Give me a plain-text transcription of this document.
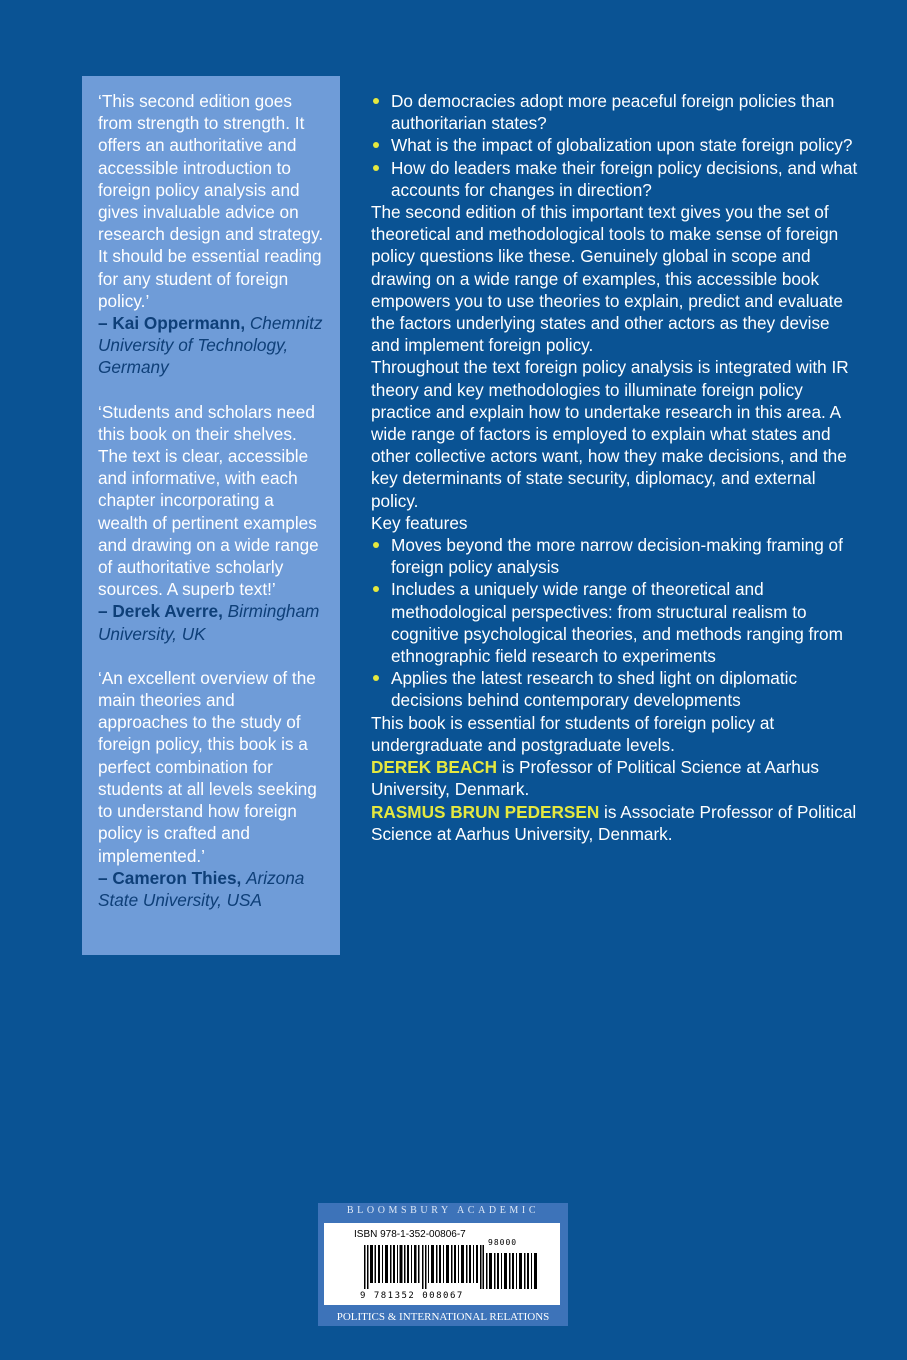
‘This second edition goes from strength to strength. It offers an authoritative and accessible introduction to foreign policy analysis and gives invaluable advice on research design and strategy. It should be essential reading for any student of foreign policy.’

– Kai Oppermann, Chemnitz University of Technology, Germany

‘Students and scholars need this book on their shelves. The text is clear, accessible and informative, with each chapter incorporating a wealth of pertinent examples and drawing on a wide range of authoritative scholarly sources. A superb text!’

– Derek Averre, Birmingham University, UK

‘An excellent overview of the main theories and approaches to the study of foreign policy, this book is a perfect combination for students at all levels seeking to understand how foreign policy is crafted and implemented.’

– Cameron Thies, Arizona State University, USA

Do democracies adopt more peaceful foreign policies than authoritarian states?
What is the impact of globalization upon state foreign policy?
How do leaders make their foreign policy decisions, and what accounts for changes in direction?

The second edition of this important text gives you the set of theoretical and methodological tools to make sense of foreign policy questions like these. Genuinely global in scope and drawing on a wide range of examples, this accessible book empowers you to use theories to explain, predict and evaluate the factors underlying states and other actors as they devise and implement foreign policy.

Throughout the text foreign policy analysis is integrated with IR theory and key methodologies to illuminate foreign policy practice and explain how to undertake research in this area. A wide range of factors is employed to explain what states and other collective actors want, how they make decisions, and the key determinants of state security, diplomacy, and external policy.

Key features

Moves beyond the more narrow decision-making framing of foreign policy analysis
Includes a uniquely wide range of theoretical and methodological perspectives: from structural realism to cognitive psychological theories, and methods ranging from ethnographic field research to experiments
Applies the latest research to shed light on diplomatic decisions behind contemporary developments

This book is essential for students of foreign policy at undergraduate and postgraduate levels.

DEREK BEACH is Professor of Political Science at Aarhus University, Denmark.

RASMUS BRUN PEDERSEN is Associate Professor of Political Science at Aarhus University, Denmark.

BLOOMSBURY ACADEMIC
ISBN 978-1-352-00806-7
98000
9 781352 008067
POLITICS & INTERNATIONAL RELATIONS
